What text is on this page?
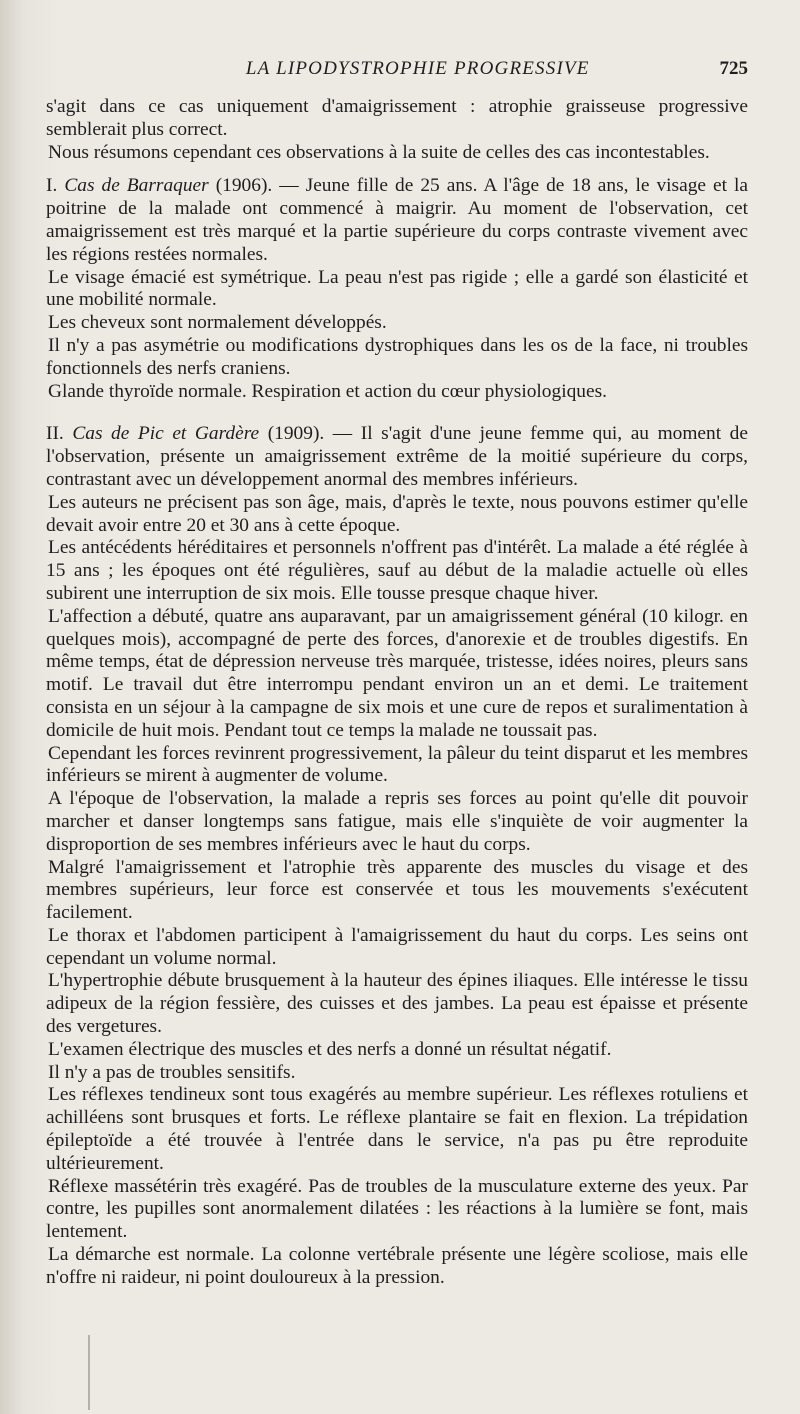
LA LIPODYSTROPHIE PROGRESSIVE	725

s'agit dans ce cas uniquement d'amaigrissement : atrophie graisseuse progressive semblerait plus correct.

Nous résumons cependant ces observations à la suite de celles des cas incontestables.

I. Cas de Barraquer (1906). — Jeune fille de 25 ans. A l'âge de 18 ans, le visage et la poitrine de la malade ont commencé à maigrir. Au moment de l'observation, cet amaigrissement est très marqué et la partie supérieure du corps contraste vivement avec les régions restées normales.

Le visage émacié est symétrique. La peau n'est pas rigide ; elle a gardé son élasticité et une mobilité normale.

Les cheveux sont normalement développés.

Il n'y a pas asymétrie ou modifications dystrophiques dans les os de la face, ni troubles fonctionnels des nerfs craniens.

Glande thyroïde normale. Respiration et action du cœur physiologiques.

II. Cas de Pic et Gardère (1909). — Il s'agit d'une jeune femme qui, au moment de l'observation, présente un amaigrissement extrême de la moitié supérieure du corps, contrastant avec un développement anormal des membres inférieurs.

Les auteurs ne précisent pas son âge, mais, d'après le texte, nous pouvons estimer qu'elle devait avoir entre 20 et 30 ans à cette époque.

Les antécédents héréditaires et personnels n'offrent pas d'intérêt. La malade a été réglée à 15 ans ; les époques ont été régulières, sauf au début de la maladie actuelle où elles subirent une interruption de six mois. Elle tousse presque chaque hiver.

L'affection a débuté, quatre ans auparavant, par un amaigrissement général (10 kilogr. en quelques mois), accompagné de perte des forces, d'anorexie et de troubles digestifs. En même temps, état de dépression nerveuse très marquée, tristesse, idées noires, pleurs sans motif. Le travail dut être interrompu pendant environ un an et demi. Le traitement consista en un séjour à la campagne de six mois et une cure de repos et suralimentation à domicile de huit mois. Pendant tout ce temps la malade ne toussait pas.

Cependant les forces revinrent progressivement, la pâleur du teint disparut et les membres inférieurs se mirent à augmenter de volume.

A l'époque de l'observation, la malade a repris ses forces au point qu'elle dit pouvoir marcher et danser longtemps sans fatigue, mais elle s'inquiète de voir augmenter la disproportion de ses membres inférieurs avec le haut du corps.

Malgré l'amaigrissement et l'atrophie très apparente des muscles du visage et des membres supérieurs, leur force est conservée et tous les mouvements s'exécutent facilement.

Le thorax et l'abdomen participent à l'amaigrissement du haut du corps. Les seins ont cependant un volume normal.

L'hypertrophie débute brusquement à la hauteur des épines iliaques. Elle intéresse le tissu adipeux de la région fessière, des cuisses et des jambes. La peau est épaisse et présente des vergetures.

L'examen électrique des muscles et des nerfs a donné un résultat négatif.

Il n'y a pas de troubles sensitifs.

Les réflexes tendineux sont tous exagérés au membre supérieur. Les réflexes rotuliens et achilléens sont brusques et forts. Le réflexe plantaire se fait en flexion. La trépidation épileptoïde a été trouvée à l'entrée dans le service, n'a pas pu être reproduite ultérieurement.

Réflexe massétérin très exagéré. Pas de troubles de la musculature externe des yeux. Par contre, les pupilles sont anormalement dilatées : les réactions à la lumière se font, mais lentement.

La démarche est normale. La colonne vertébrale présente une légère scoliose, mais elle n'offre ni raideur, ni point douloureux à la pression.
